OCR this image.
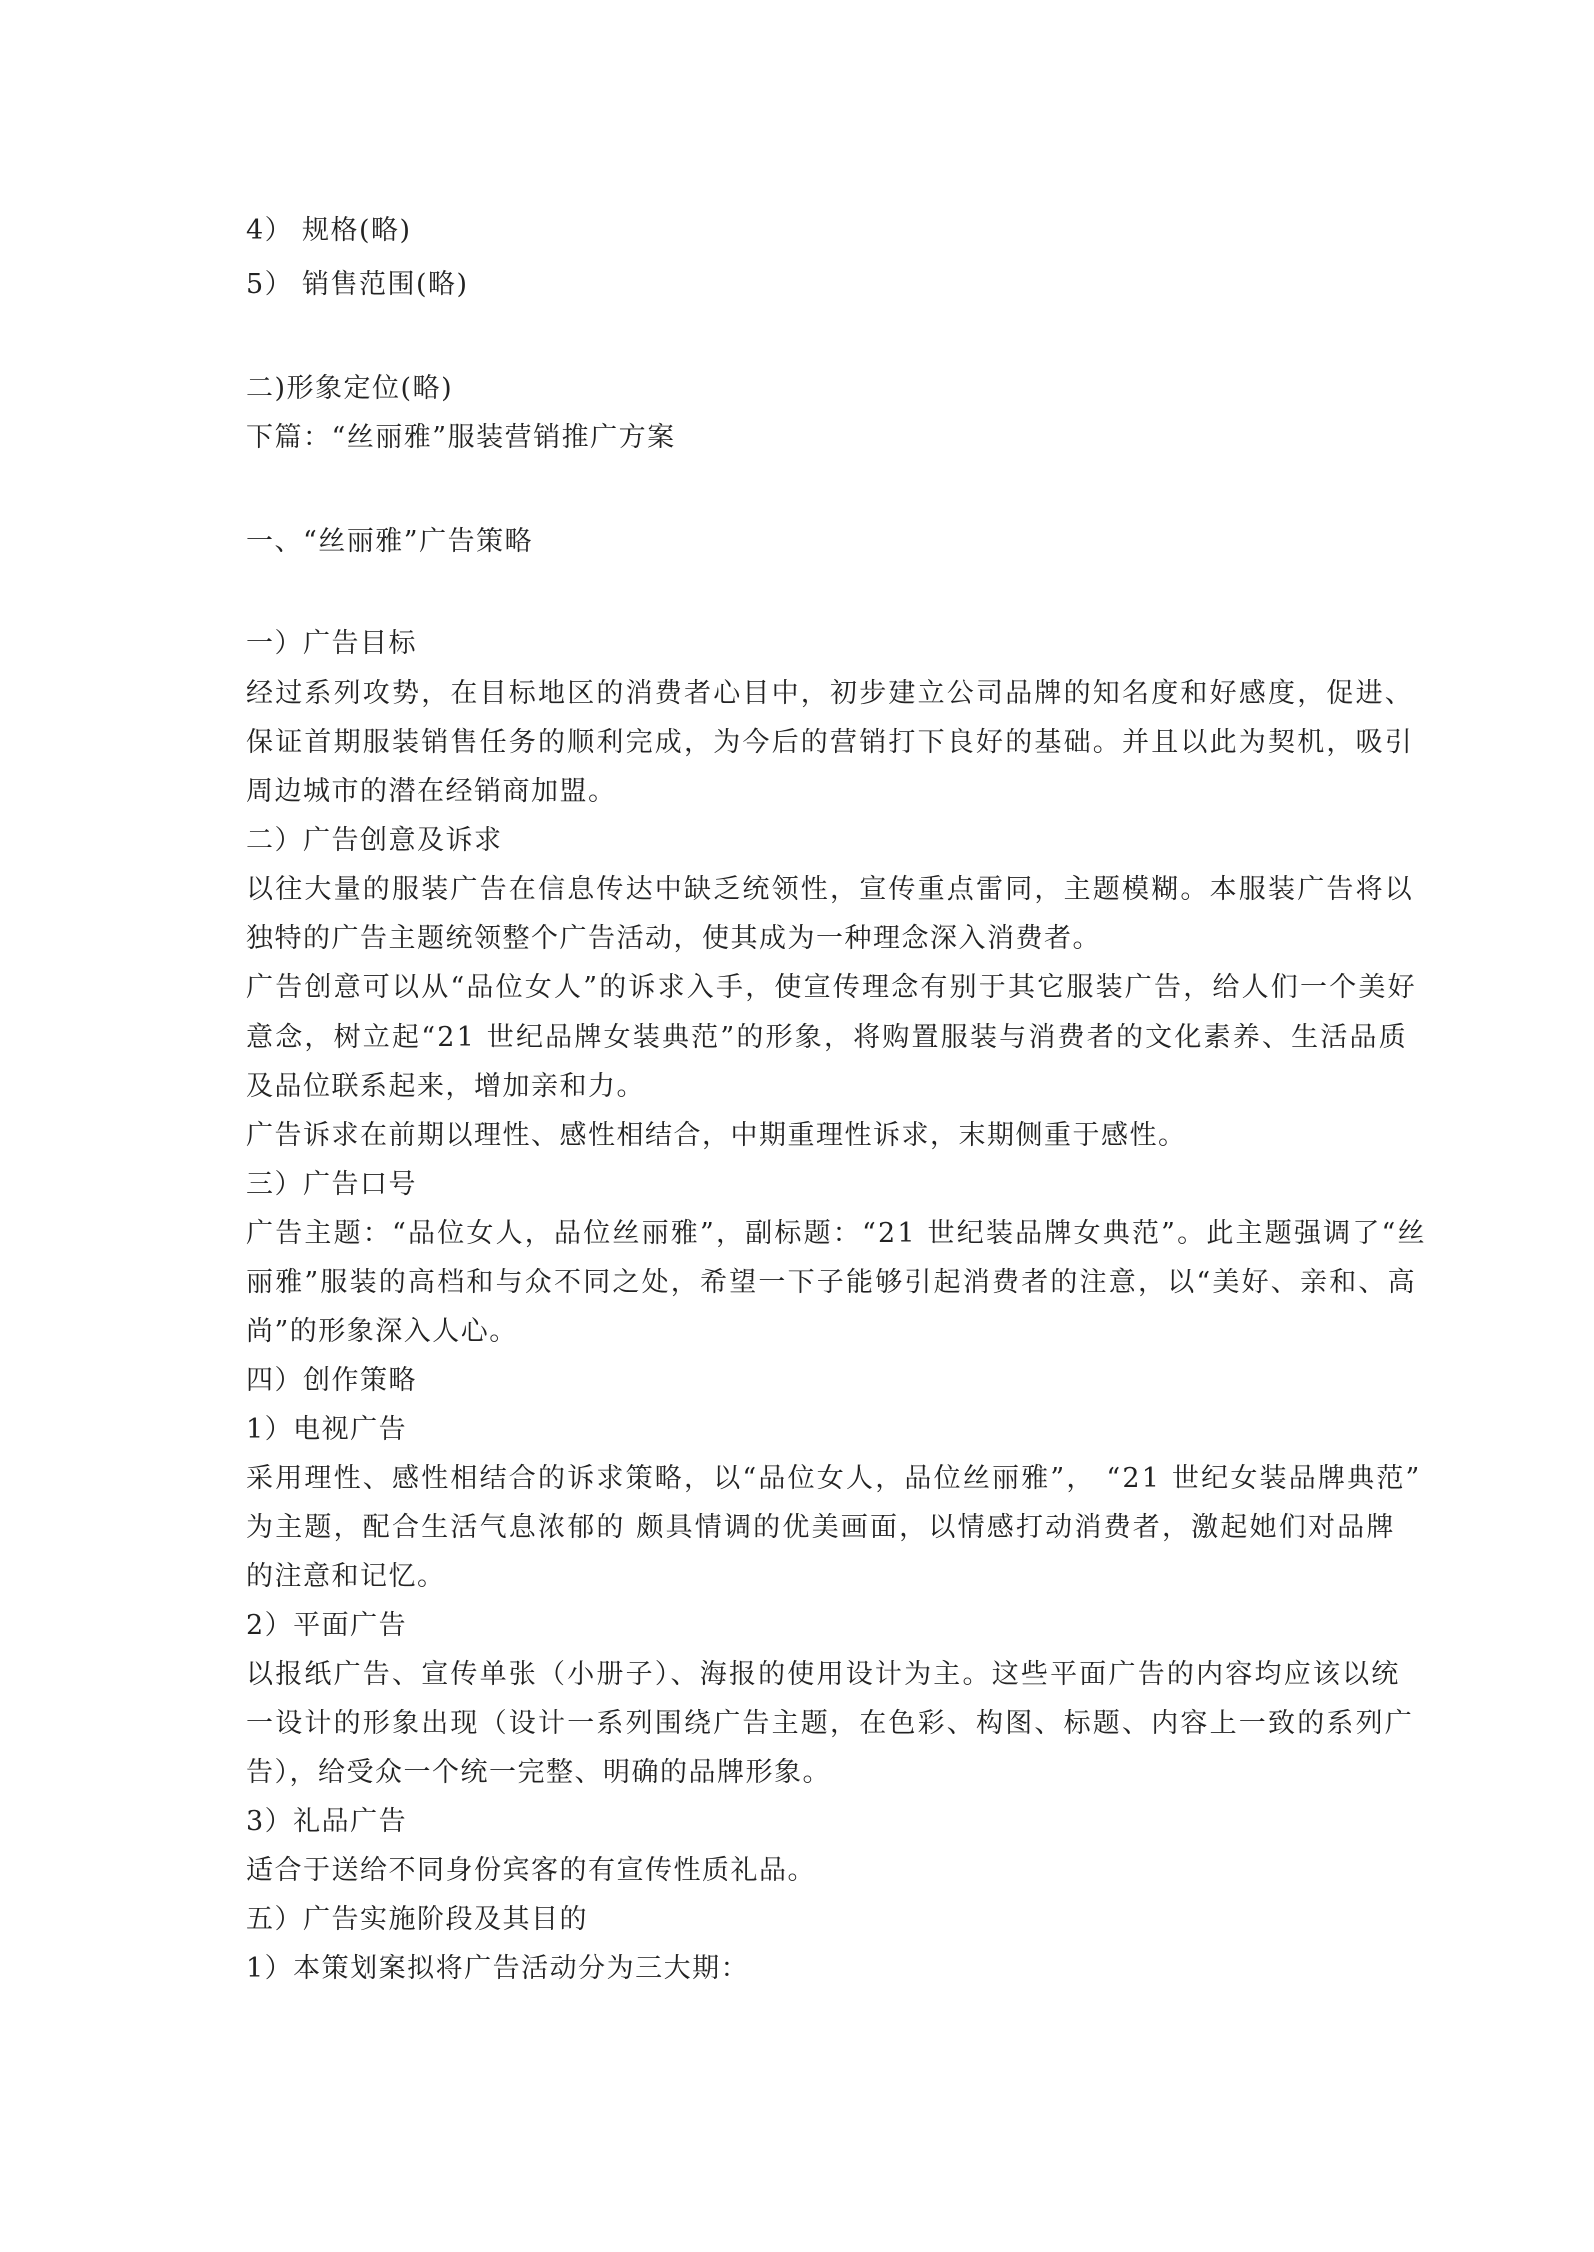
4） 规格(略)
5） 销售范围(略)
二)形象定位(略)
下篇：“丝丽雅”服装营销推广方案
一、“丝丽雅”广告策略
一）广告目标
经过系列攻势，在目标地区的消费者心目中，初步建立公司品牌的知名度和好感度，促进、
保证首期服装销售任务的顺利完成，为今后的营销打下良好的基础。并且以此为契机，吸引
周边城市的潜在经销商加盟。
二）广告创意及诉求
以往大量的服装广告在信息传达中缺乏统领性，宣传重点雷同，主题模糊。本服装广告将以
独特的广告主题统领整个广告活动，使其成为一种理念深入消费者。
广告创意可以从“品位女人”的诉求入手，使宣传理念有别于其它服装广告，给人们一个美好
意念，树立起“21 世纪品牌女装典范”的形象，将购置服装与消费者的文化素养、生活品质
及品位联系起来，增加亲和力。
广告诉求在前期以理性、感性相结合，中期重理性诉求，末期侧重于感性。
三）广告口号
广告主题：“品位女人，品位丝丽雅”，副标题：“21 世纪装品牌女典范”。此主题强调了“丝
丽雅”服装的高档和与众不同之处，希望一下子能够引起消费者的注意，以“美好、亲和、高
尚”的形象深入人心。
四）创作策略
1）电视广告
采用理性、感性相结合的诉求策略，以“品位女人，品位丝丽雅”， “21 世纪女装品牌典范”
为主题，配合生活气息浓郁的 颇具情调的优美画面，以情感打动消费者，激起她们对品牌
的注意和记忆。
2）平面广告
以报纸广告、宣传单张（小册子）、海报的使用设计为主。这些平面广告的内容均应该以统
一设计的形象出现（设计一系列围绕广告主题，在色彩、构图、标题、内容上一致的系列广
告），给受众一个统一完整、明确的品牌形象。
3）礼品广告
适合于送给不同身份宾客的有宣传性质礼品。
五）广告实施阶段及其目的
1）本策划案拟将广告活动分为三大期：
